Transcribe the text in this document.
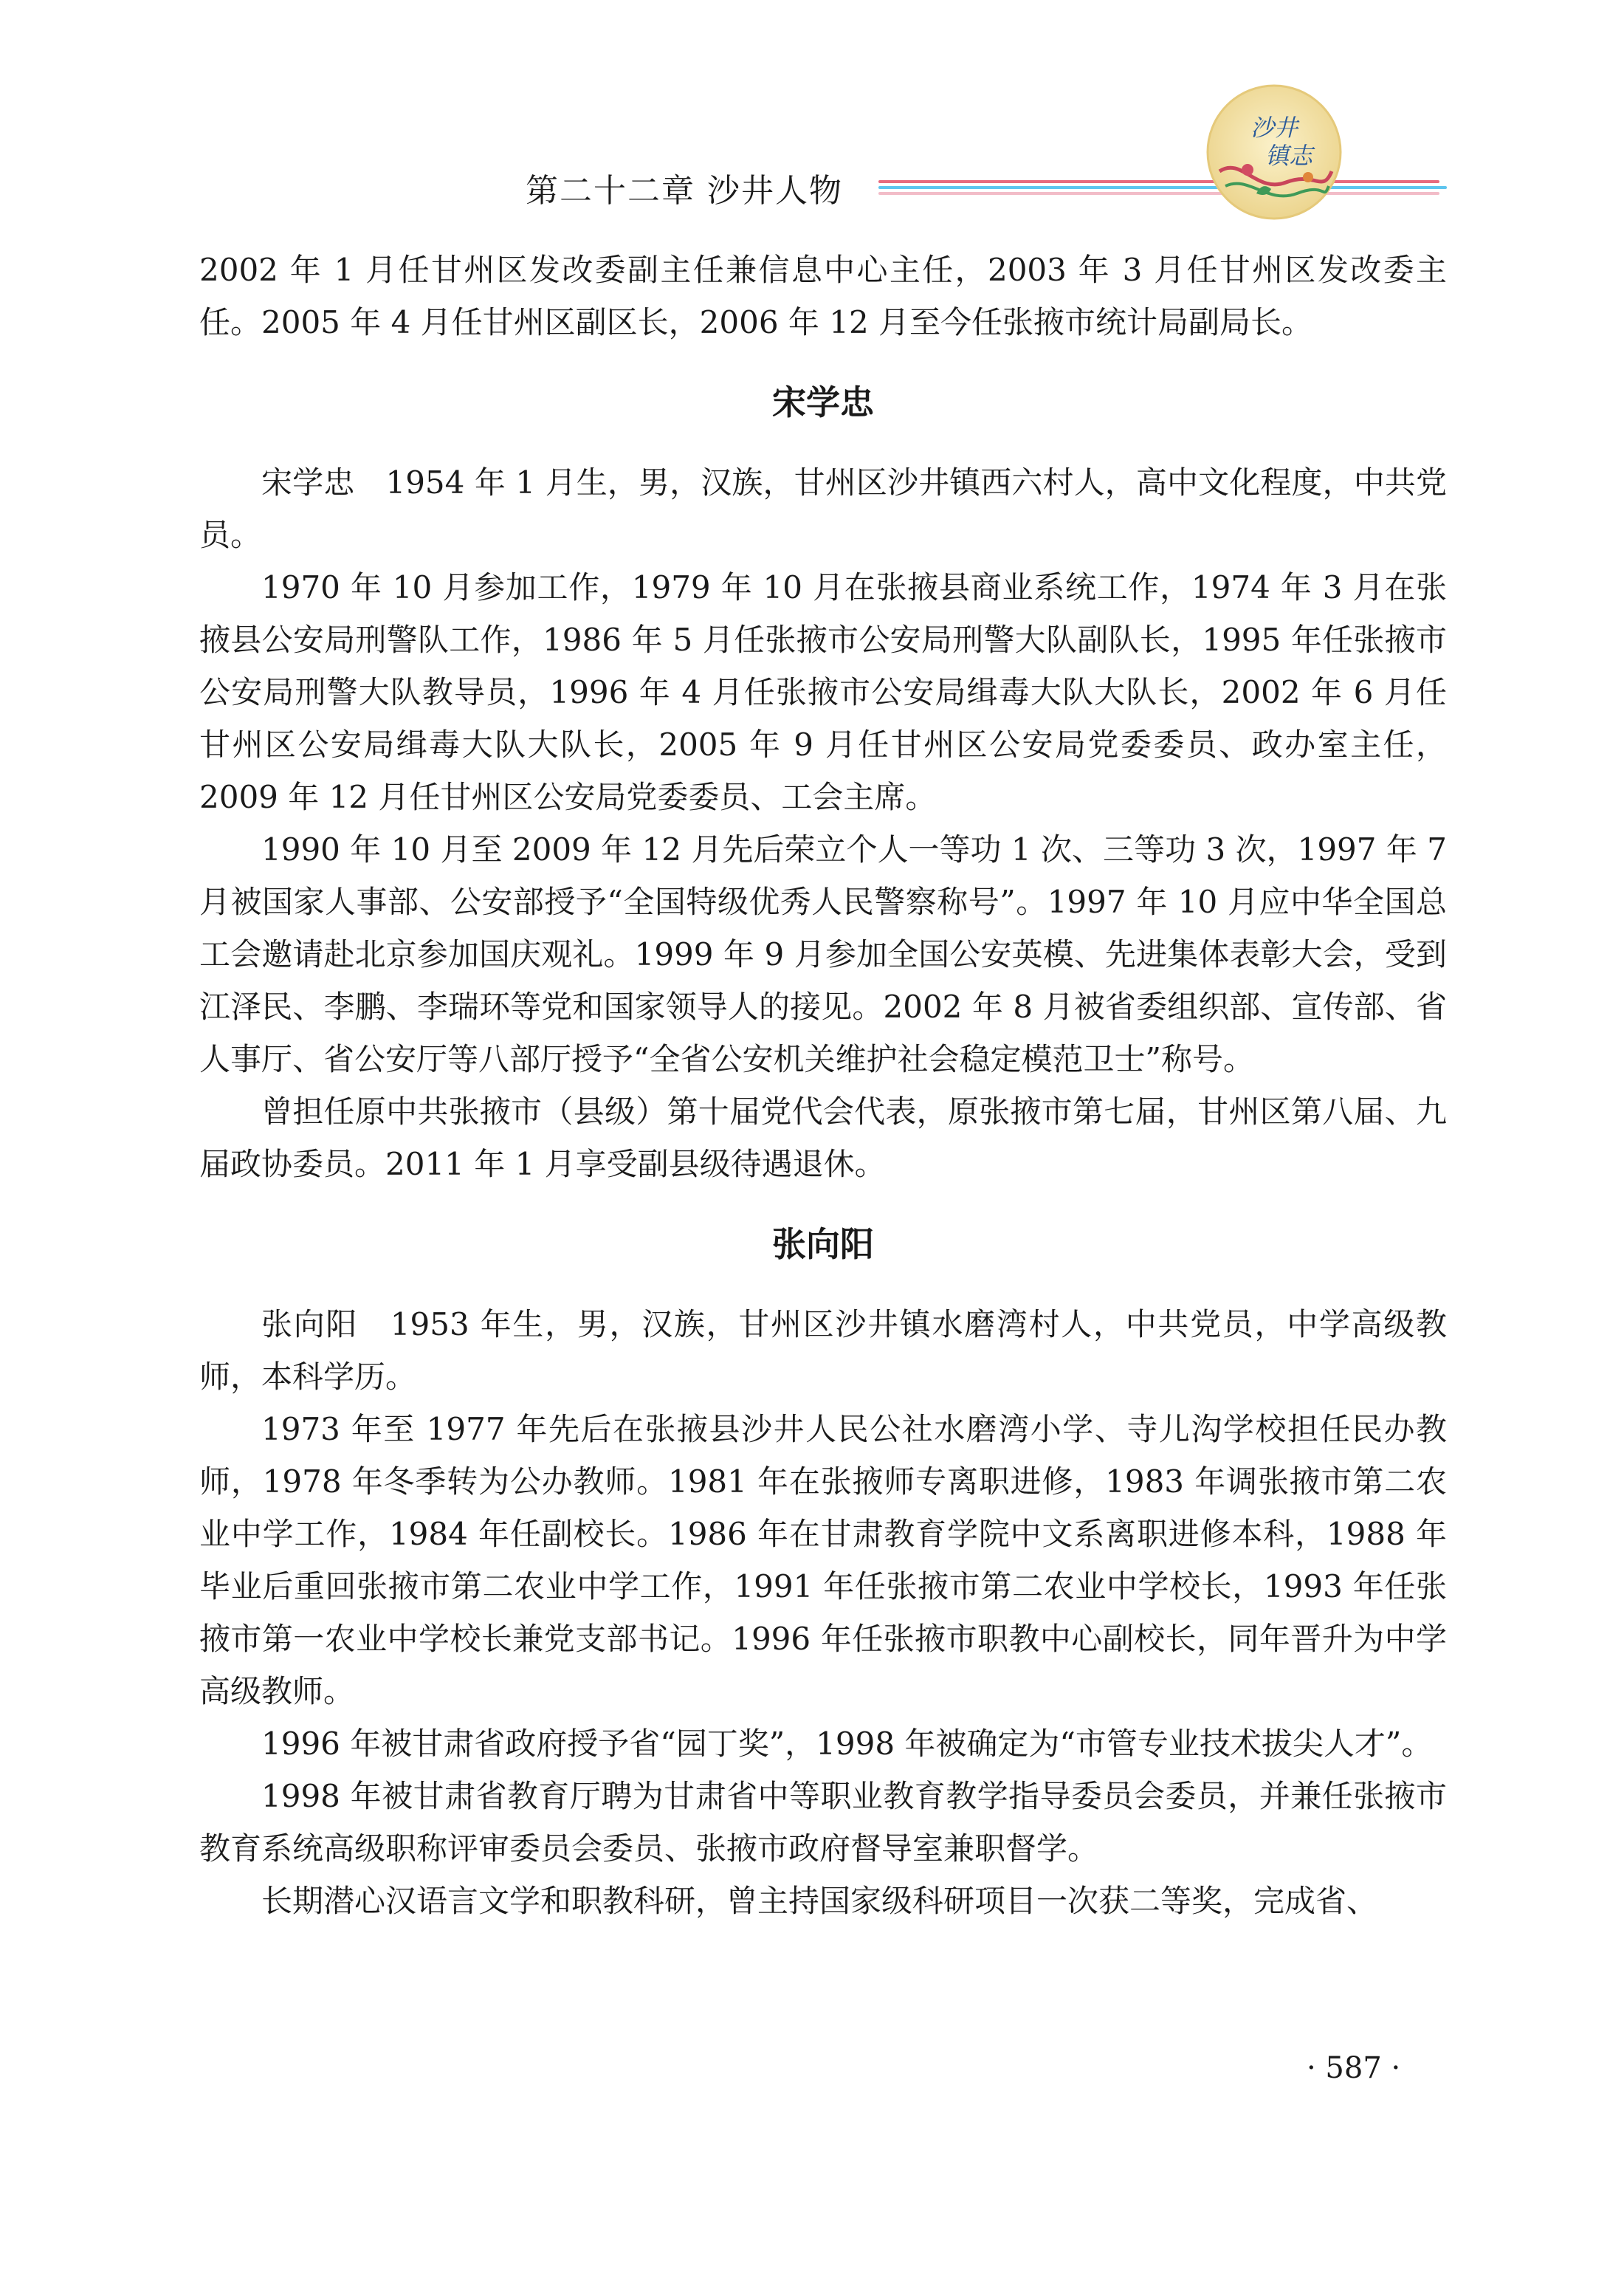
第二十二章 沙井人物
沙井
镇志

2002 年 1 月任甘州区发改委副主任兼信息中心主任，2003 年 3 月任甘州区发改委主任。2005 年 4 月任甘州区副区长，2006 年 12 月至今任张掖市统计局副局长。

宋学忠

宋学忠　1954 年 1 月生，男，汉族，甘州区沙井镇西六村人，高中文化程度，中共党员。

1970 年 10 月参加工作，1979 年 10 月在张掖县商业系统工作，1974 年 3 月在张掖县公安局刑警队工作，1986 年 5 月任张掖市公安局刑警大队副队长，1995 年任张掖市公安局刑警大队教导员，1996 年 4 月任张掖市公安局缉毒大队大队长，2002 年 6 月任甘州区公安局缉毒大队大队长，2005 年 9 月任甘州区公安局党委委员、政办室主任，2009 年 12 月任甘州区公安局党委委员、工会主席。

1990 年 10 月至 2009 年 12 月先后荣立个人一等功 1 次、三等功 3 次，1997 年 7 月被国家人事部、公安部授予“全国特级优秀人民警察称号”。1997 年 10 月应中华全国总工会邀请赴北京参加国庆观礼。1999 年 9 月参加全国公安英模、先进集体表彰大会，受到江泽民、李鹏、李瑞环等党和国家领导人的接见。2002 年 8 月被省委组织部、宣传部、省人事厅、省公安厅等八部厅授予“全省公安机关维护社会稳定模范卫士”称号。

曾担任原中共张掖市（县级）第十届党代会代表，原张掖市第七届，甘州区第八届、九届政协委员。2011 年 1 月享受副县级待遇退休。

张向阳

张向阳　1953 年生，男，汉族，甘州区沙井镇水磨湾村人，中共党员，中学高级教师，本科学历。

1973 年至 1977 年先后在张掖县沙井人民公社水磨湾小学、寺儿沟学校担任民办教师，1978 年冬季转为公办教师。1981 年在张掖师专离职进修，1983 年调张掖市第二农业中学工作，1984 年任副校长。1986 年在甘肃教育学院中文系离职进修本科，1988 年毕业后重回张掖市第二农业中学工作，1991 年任张掖市第二农业中学校长，1993 年任张掖市第一农业中学校长兼党支部书记。1996 年任张掖市职教中心副校长，同年晋升为中学高级教师。

1996 年被甘肃省政府授予省“园丁奖”，1998 年被确定为“市管专业技术拔尖人才”。

1998 年被甘肃省教育厅聘为甘肃省中等职业教育教学指导委员会委员，并兼任张掖市教育系统高级职称评审委员会委员、张掖市政府督导室兼职督学。

长期潜心汉语言文学和职教科研，曾主持国家级科研项目一次获二等奖，完成省、

· 587 ·
